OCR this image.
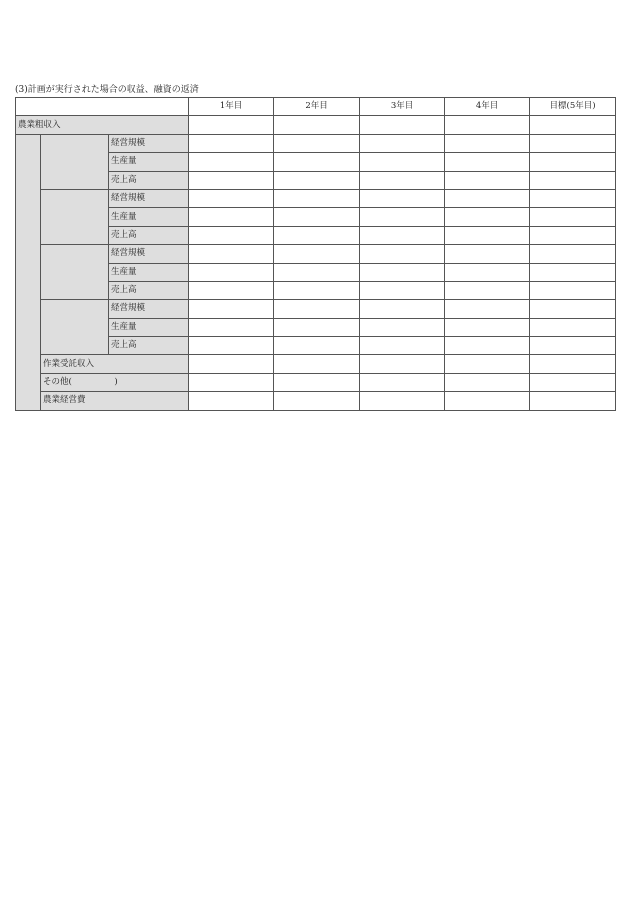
(3)計画が実行された場合の収益、融資の返済
			1年目	2年目	3年目	4年目	目標(5年目)
農業粗収入							
		経営規模					
		生産量					
		売上高					
		経営規模					
		生産量					
		売上高					
		経営規模					
		生産量					
		売上高					
		経営規模					
		生産量					
		売上高					
	作業受託収入						
	その他(　　　　　)						
	農業経営費						
